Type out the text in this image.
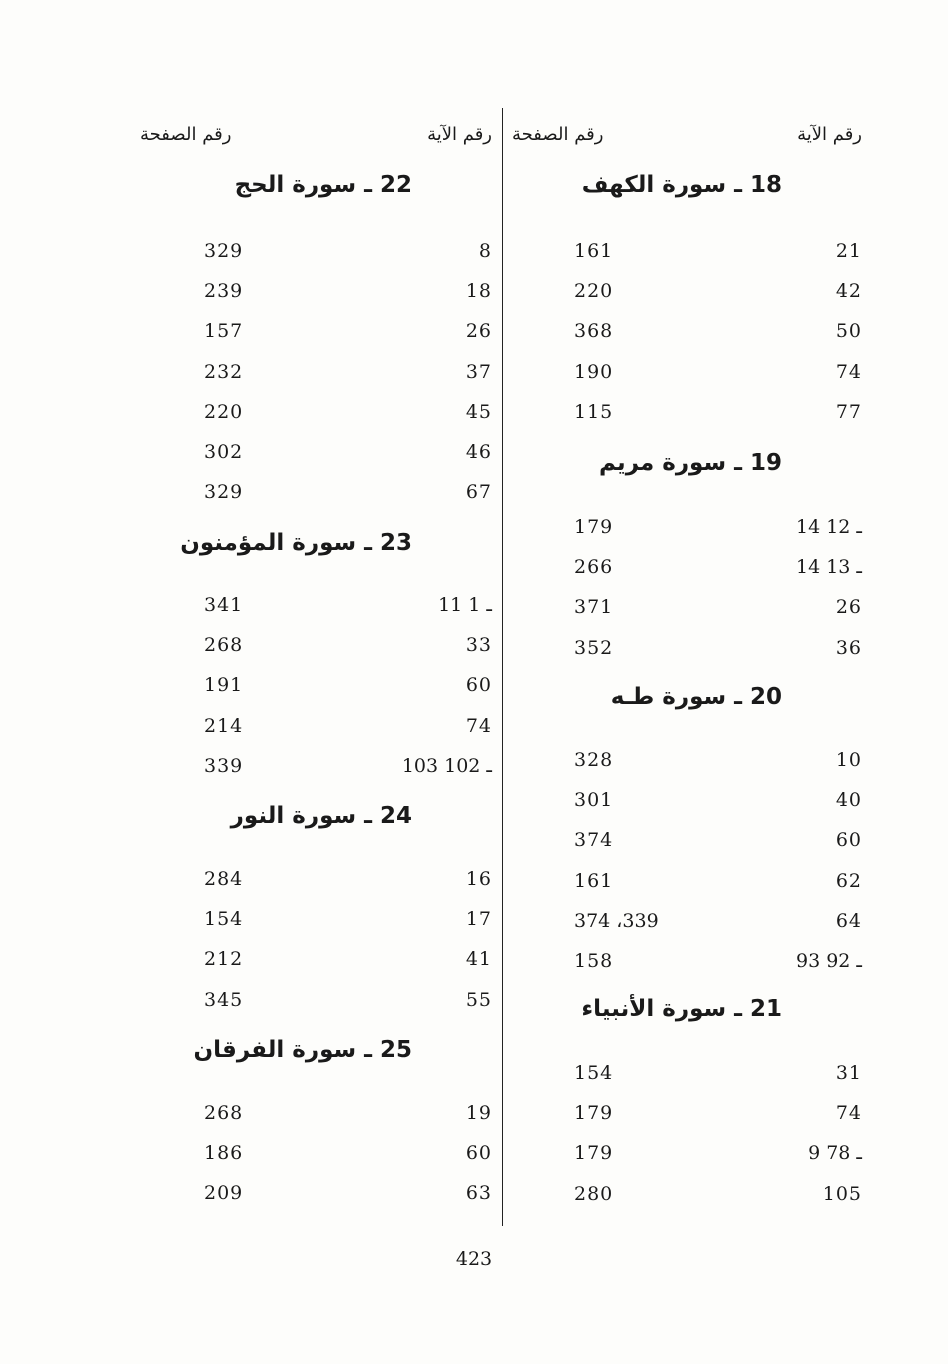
رقم الآية
رقم الصفحة
18 ـ سورة الكهف
21
161
42
220
50
368
74
190
77
115
19 ـ سورة مريم
14 ـ 12
179
14 ـ 13
266
26
371
36
352
20 ـ سورة طـه
10
328
40
301
60
374
62
161
64
374 ،339
93 ـ 92
158
21 ـ سورة الأنبياء
31
154
74
179
9 ـ 78
179
105
280
رقم الآية
رقم الصفحة
22 ـ سورة الحج
8
329
18
239
26
157
37
232
45
220
46
302
67
329
23 ـ سورة المؤمنون
11 ـ 1
341
33
268
60
191
74
214
103 ـ 102
339
24 ـ سورة النور
16
284
17
154
41
212
55
345
25 ـ سورة الفرقان
19
268
60
186
63
209
423
